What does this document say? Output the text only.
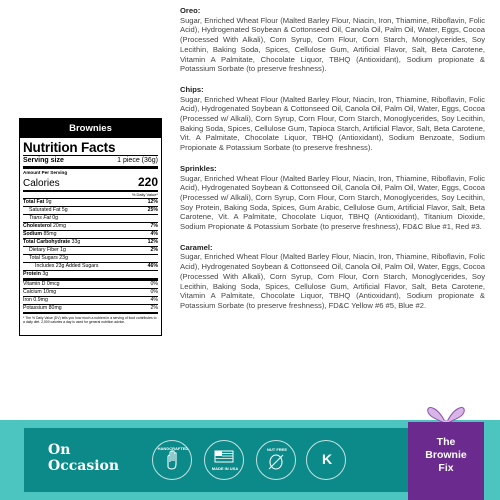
Brownies
Nutrition Facts
Serving size	1 piece (36g)
Amount Per Serving
Calories	220
% Daily Value*
Total Fat 9g	12%
Saturated Fat 5g	25%
Trans Fat 0g
Cholesterol 20mg	7%
Sodium 85mg	4%
Total Carbohydrate 33g	12%
Dietary Fiber 1g	2%
Total Sugars 23g
Includes 23g Added Sugars	46%
Protein 3g
Vitamin D 0mcg	0%
Calcium 10mg	0%
Iron 0.9mg	4%
Potassium 80mg	2%
* The % Daily Value (DV) tells you how much a nutrient in a serving of food contributes to a daily diet. 2,000 calories a day is used for general nutrition advice.
Oreo:
Sugar, Enriched Wheat Flour (Malted Barley Flour, Niacin, Iron, Thiamine, Riboflavin, Folic Acid), Hydrogenated Soybean & Cottonseed Oil, Canola Oil, Palm Oil, Water, Eggs, Cocoa (Processed With Alkali), Corn Syrup, Corn Flour, Corn Starch, Monoglycerides, Soy Lecithin, Baking Soda, Spices, Cellulose Gum, Artificial Flavor, Salt, Beta Carotene, Vitamin A Palmitate, Chocolate Liquor, TBHQ (Antioxidant), Sodium propionate & Potassium Sorbate (to preserve freshness).
Chips:
Sugar, Enriched Wheat Flour (Malted Barley Flour, Niacin, Iron, Thiamine, Riboflavin, Folic Acid), Hydrogenated Soybean & Cottonseed Oil, Canola Oil, Palm Oil, Water, Eggs, Cocoa (Processed w/ Alkali), Corn Syrup, Corn Flour, Corn Starch, Monoglycerides, Soy Lecithin, Baking Soda, Spices, Cellulose Gum, Tapioca Starch, Artificial Flavor, Salt, Beta Carotene, Vit. A Palmitate, Chocolate Liquor, TBHQ (Antioxidant), Sodium Benzoate, Sodium Propionate & Potassium Sorbate (to preserve freshness).
Sprinkles:
Sugar, Enriched Wheat Flour (Malted Barley Flour, Niacin, Iron, Thiamine, Riboflavin, Folic Acid), Hydrogenated Soybean & Cottonseed Oil, Canola Oil, Palm Oil, Water, Eggs, Cocoa (Processed w/ Alkali), Corn Syrup, Corn Flour, Corn Starch, Monoglycerides, Soy Lecithin, Soy Protein, Baking Soda, Spices, Gum Arabic, Cellulose Gum, Artificial Flavor, Salt, Beta Carotene, Vit. A Palmitate, Chocolate Liquor, TBHQ (Antioxidant), Titanium Dioxide, Sodium Propionate & Potassium Sorbate (to preserve freshness), FD&C Blue #1, Red #3.
Caramel:
Sugar, Enriched Wheat Flour (Malted Barley Flour, Niacin, Iron, Thiamine, Riboflavin, Folic Acid), Hydrogenated Soybean & Cottonseed Oil, Canola Oil, Palm Oil, Water, Eggs, Cocoa (Processed With Alkali), Corn Syrup, Corn Flour, Corn Starch, Monoglycerides, Soy Lecithin, Baking Soda, Spices, Cellulose Gum, Artificial Flavor, Salt, Beta Carotene, Vitamin A Palmitate, Chocolate Liquor, TBHQ (Antioxidant), Sodium propionate & Potassium Sorbate (to preserve freshness), FD&C Yellow #6 #5, Blue #2.
On
Occasion
HANDCRAFTED
MADE IN USA
NUT FREE
K
The
Brownie
Fix
